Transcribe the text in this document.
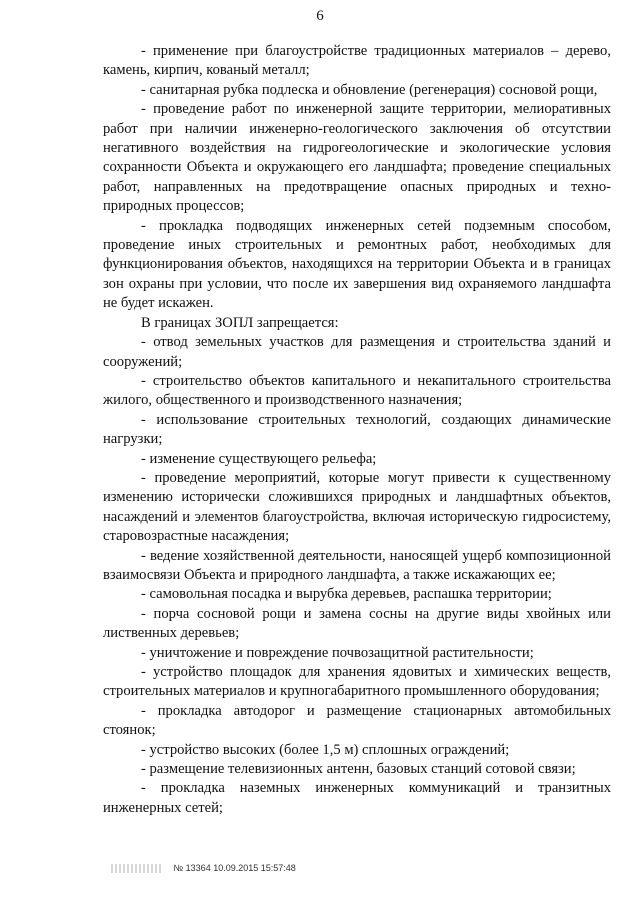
6

- применение при благоустройстве традиционных материалов – дерево, камень, кирпич, кованый металл;

- санитарная рубка подлеска и обновление (регенерация) сосновой рощи,

- проведение работ по инженерной защите территории, мелиоративных работ при наличии инженерно-геологического заключения об отсутствии негативного воздействия на гидрогеологические и экологические условия сохранности Объекта и окружающего его ландшафта; проведение специальных работ, направленных на предотвращение опасных природных и техно-природных процессов;

- прокладка подводящих инженерных сетей подземным способом, проведение иных строительных и ремонтных работ, необходимых для функционирования объектов, находящихся на территории Объекта и в границах зон охраны при условии, что после их завершения вид охраняемого ландшафта не будет искажен.

В границах ЗОПЛ запрещается:

- отвод земельных участков для размещения и строительства зданий и сооружений;

- строительство объектов капитального и некапитального строительства жилого, общественного и производственного назначения;

- использование строительных технологий, создающих динамические нагрузки;

- изменение существующего рельефа;

- проведение мероприятий, которые могут привести к существенному изменению исторически сложившихся природных и ландшафтных объектов, насаждений и элементов благоустройства, включая историческую гидросистему, старовозрастные насаждения;

- ведение хозяйственной деятельности, наносящей ущерб композиционной взаимосвязи Объекта и природного ландшафта, а также искажающих ее;

- самовольная посадка и вырубка деревьев, распашка территории;

- порча сосновой рощи и замена сосны на другие виды хвойных или лиственных деревьев;

- уничтожение и повреждение почвозащитной растительности;

- устройство площадок для хранения ядовитых и химических веществ, строительных материалов и крупногабаритного промышленного оборудования;

- прокладка автодорог и размещение стационарных автомобильных стоянок;

- устройство высоких (более 1,5 м) сплошных ограждений;

- размещение телевизионных антенн, базовых станций сотовой связи;

- прокладка наземных инженерных коммуникаций и транзитных инженерных сетей;

№ 13364 10.09.2015 15:57:48
